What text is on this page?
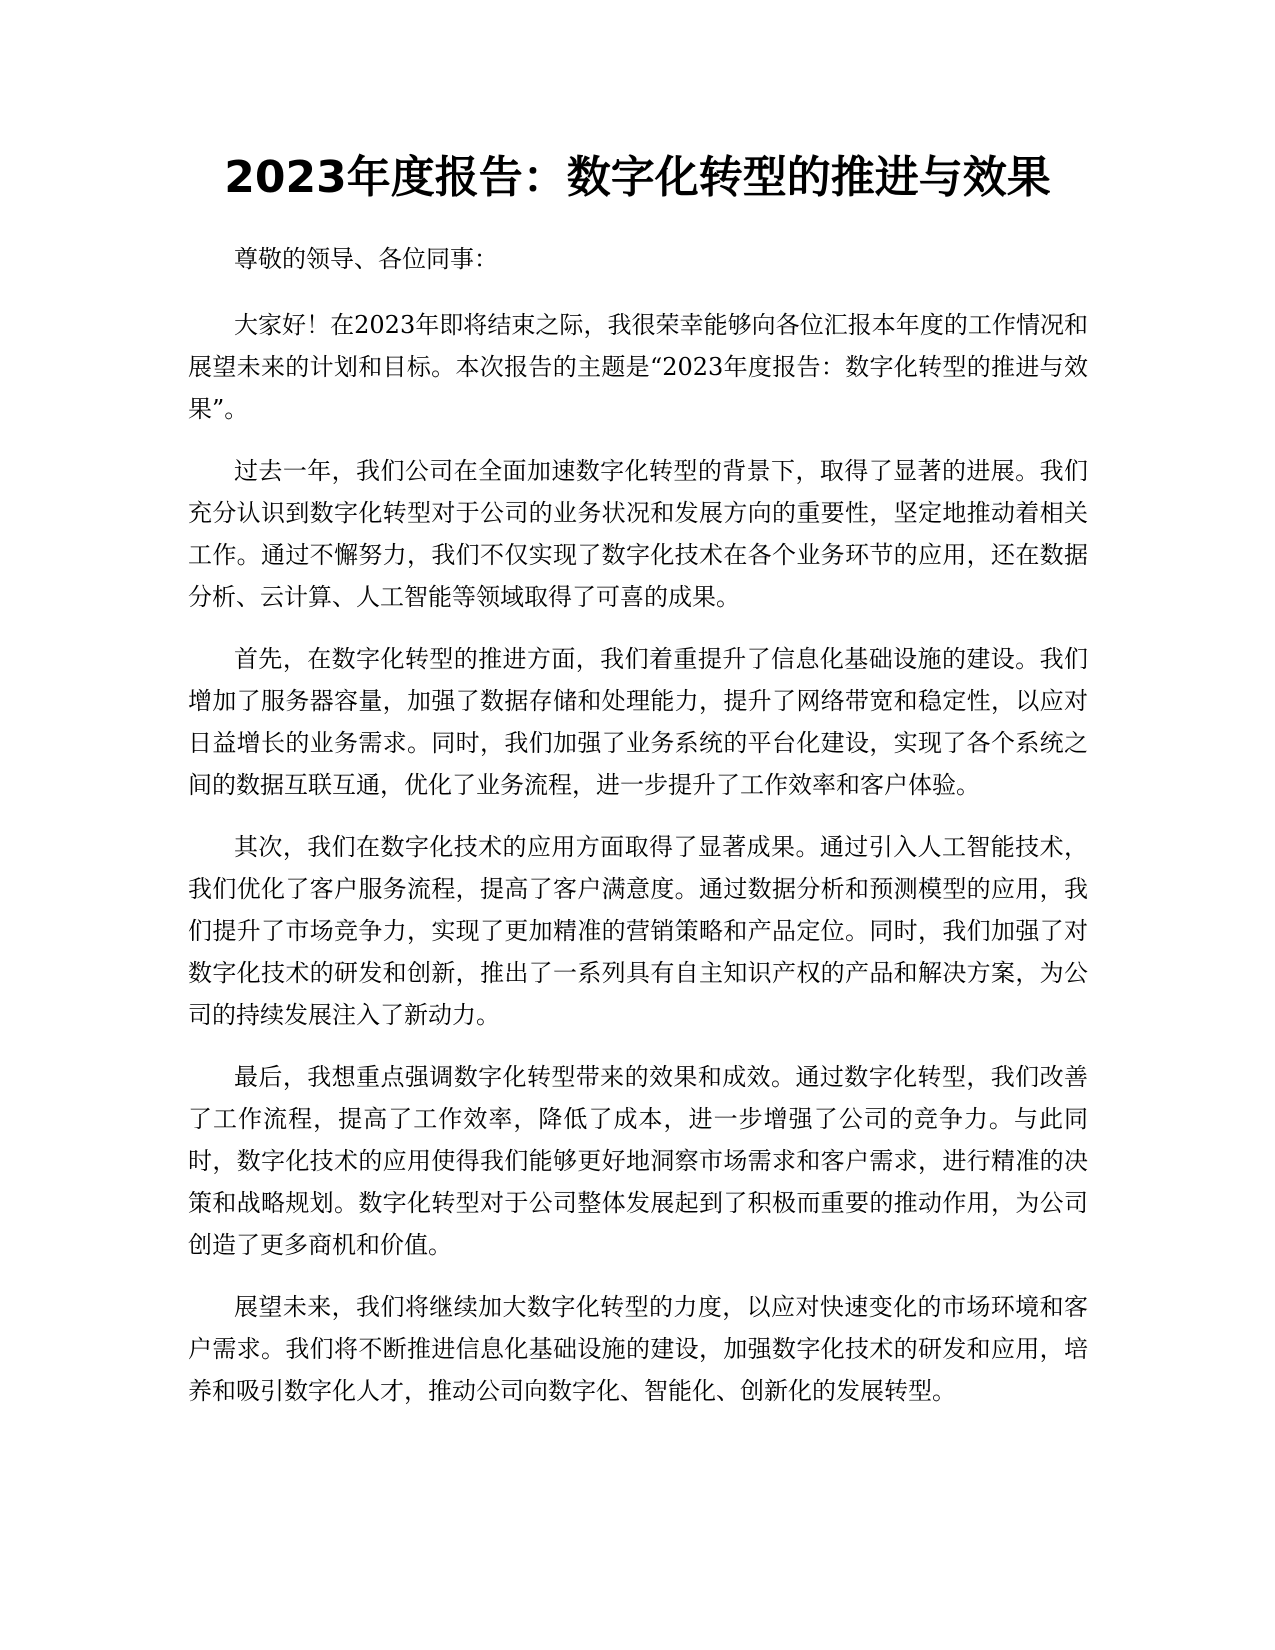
2023年度报告：数字化转型的推进与效果

尊敬的领导、各位同事：

大家好！在2023年即将结束之际，我很荣幸能够向各位汇报本年度的工作情况和展望未来的计划和目标。本次报告的主题是“2023年度报告：数字化转型的推进与效果”。

过去一年，我们公司在全面加速数字化转型的背景下，取得了显著的进展。我们充分认识到数字化转型对于公司的业务状况和发展方向的重要性，坚定地推动着相关工作。通过不懈努力，我们不仅实现了数字化技术在各个业务环节的应用，还在数据分析、云计算、人工智能等领域取得了可喜的成果。

首先，在数字化转型的推进方面，我们着重提升了信息化基础设施的建设。我们增加了服务器容量，加强了数据存储和处理能力，提升了网络带宽和稳定性，以应对日益增长的业务需求。同时，我们加强了业务系统的平台化建设，实现了各个系统之间的数据互联互通，优化了业务流程，进一步提升了工作效率和客户体验。

其次，我们在数字化技术的应用方面取得了显著成果。通过引入人工智能技术，我们优化了客户服务流程，提高了客户满意度。通过数据分析和预测模型的应用，我们提升了市场竞争力，实现了更加精准的营销策略和产品定位。同时，我们加强了对数字化技术的研发和创新，推出了一系列具有自主知识产权的产品和解决方案，为公司的持续发展注入了新动力。

最后，我想重点强调数字化转型带来的效果和成效。通过数字化转型，我们改善了工作流程，提高了工作效率，降低了成本，进一步增强了公司的竞争力。与此同时，数字化技术的应用使得我们能够更好地洞察市场需求和客户需求，进行精准的决策和战略规划。数字化转型对于公司整体发展起到了积极而重要的推动作用，为公司创造了更多商机和价值。

展望未来，我们将继续加大数字化转型的力度，以应对快速变化的市场环境和客户需求。我们将不断推进信息化基础设施的建设，加强数字化技术的研发和应用，培养和吸引数字化人才，推动公司向数字化、智能化、创新化的发展转型。
